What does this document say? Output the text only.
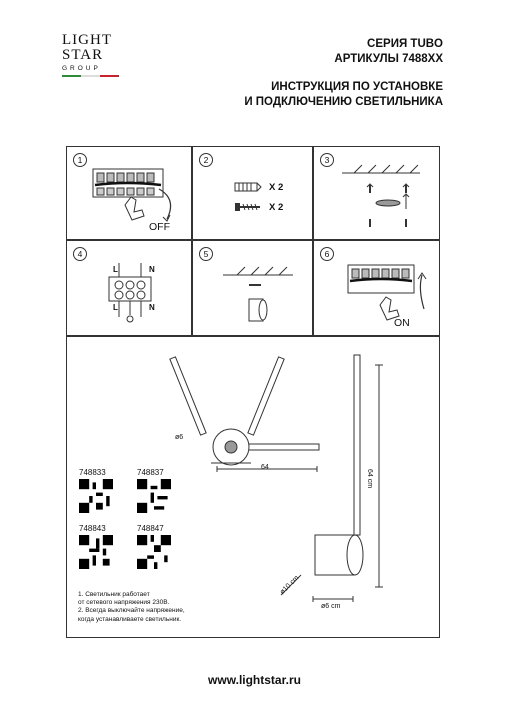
LIGHT
STAR
GROUP
СЕРИЯ TUBO
АРТИКУЛЫ 7488XX
ИНСТРУКЦИЯ ПО УСТАНОВКЕ
И ПОДКЛЮЧЕНИЮ СВЕТИЛЬНИКА
1
OFF
2
X 2
X 2
3
4
L	N
L	N
5	6
ON
ø6
64
64 cm
ø10 cm
ø6 cm
748833	748837
748843	748847
1. Светильник работает
от сетевого напряжения 230В.
2. Всегда выключайте напряжение,
когда устанавливаете светильник.
www.lightstar.ru
